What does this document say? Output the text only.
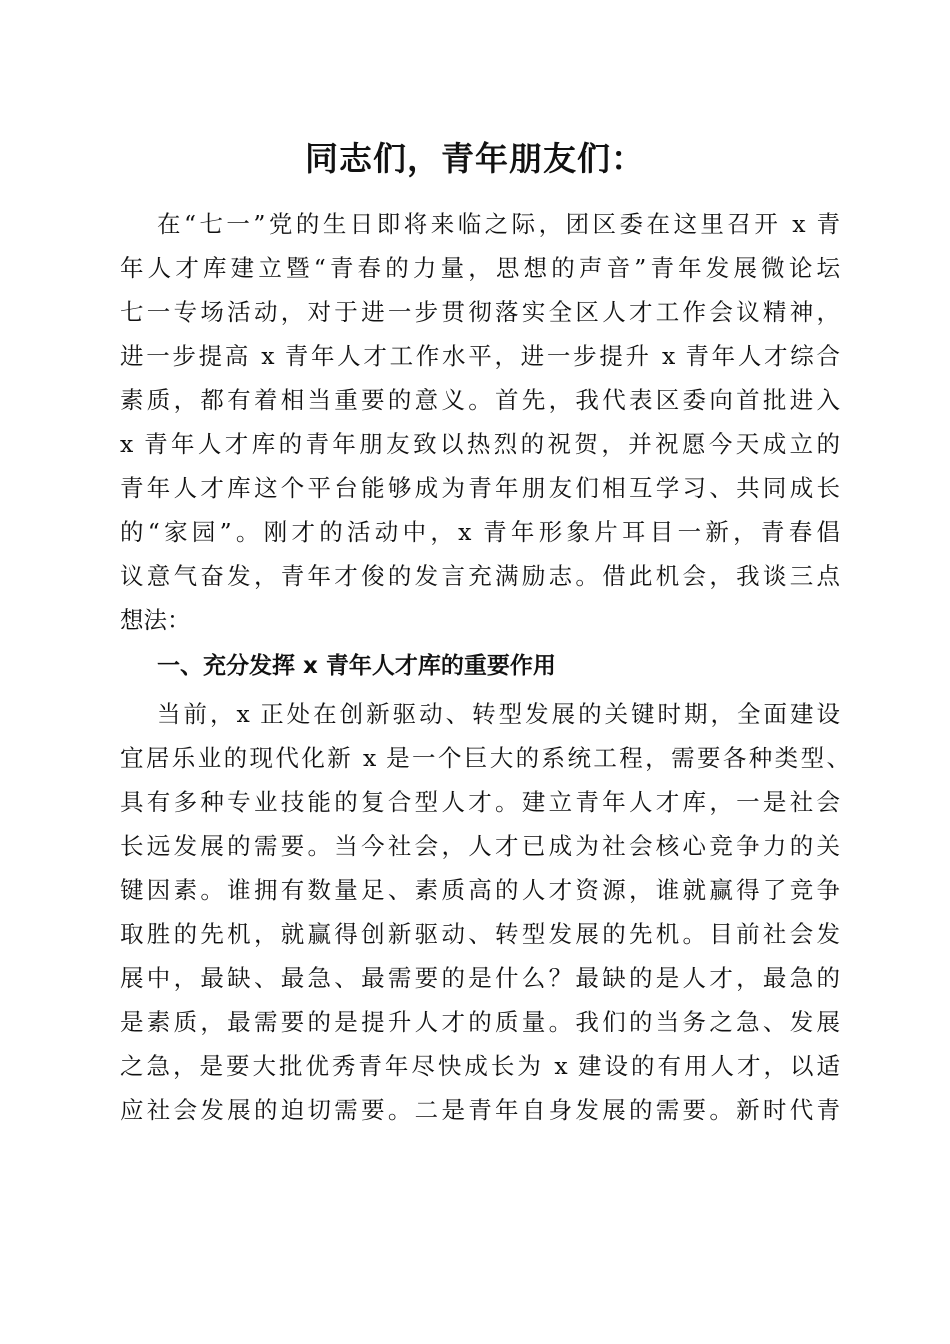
同志们，青年朋友们：
在“七一”党的生日即将来临之际，团区委在这里召开 x 青
年人才库建立暨“青春的力量，思想的声音”青年发展微论坛
七一专场活动，对于进一步贯彻落实全区人才工作会议精神，
进一步提高 x 青年人才工作水平，进一步提升 x 青年人才综合
素质，都有着相当重要的意义。首先，我代表区委向首批进入
x 青年人才库的青年朋友致以热烈的祝贺，并祝愿今天成立的
青年人才库这个平台能够成为青年朋友们相互学习、共同成长
的“家园”。刚才的活动中，x 青年形象片耳目一新，青春倡
议意气奋发，青年才俊的发言充满励志。借此机会，我谈三点
想法：
一、充分发挥 x 青年人才库的重要作用
当前，x 正处在创新驱动、转型发展的关键时期，全面建设
宜居乐业的现代化新 x 是一个巨大的系统工程，需要各种类型、
具有多种专业技能的复合型人才。建立青年人才库，一是社会
长远发展的需要。当今社会，人才已成为社会核心竞争力的关
键因素。谁拥有数量足、素质高的人才资源，谁就赢得了竞争
取胜的先机，就赢得创新驱动、转型发展的先机。目前社会发
展中，最缺、最急、最需要的是什么？最缺的是人才，最急的
是素质，最需要的是提升人才的质量。我们的当务之急、发展
之急，是要大批优秀青年尽快成长为 x 建设的有用人才，以适
应社会发展的迫切需要。二是青年自身发展的需要。新时代青
